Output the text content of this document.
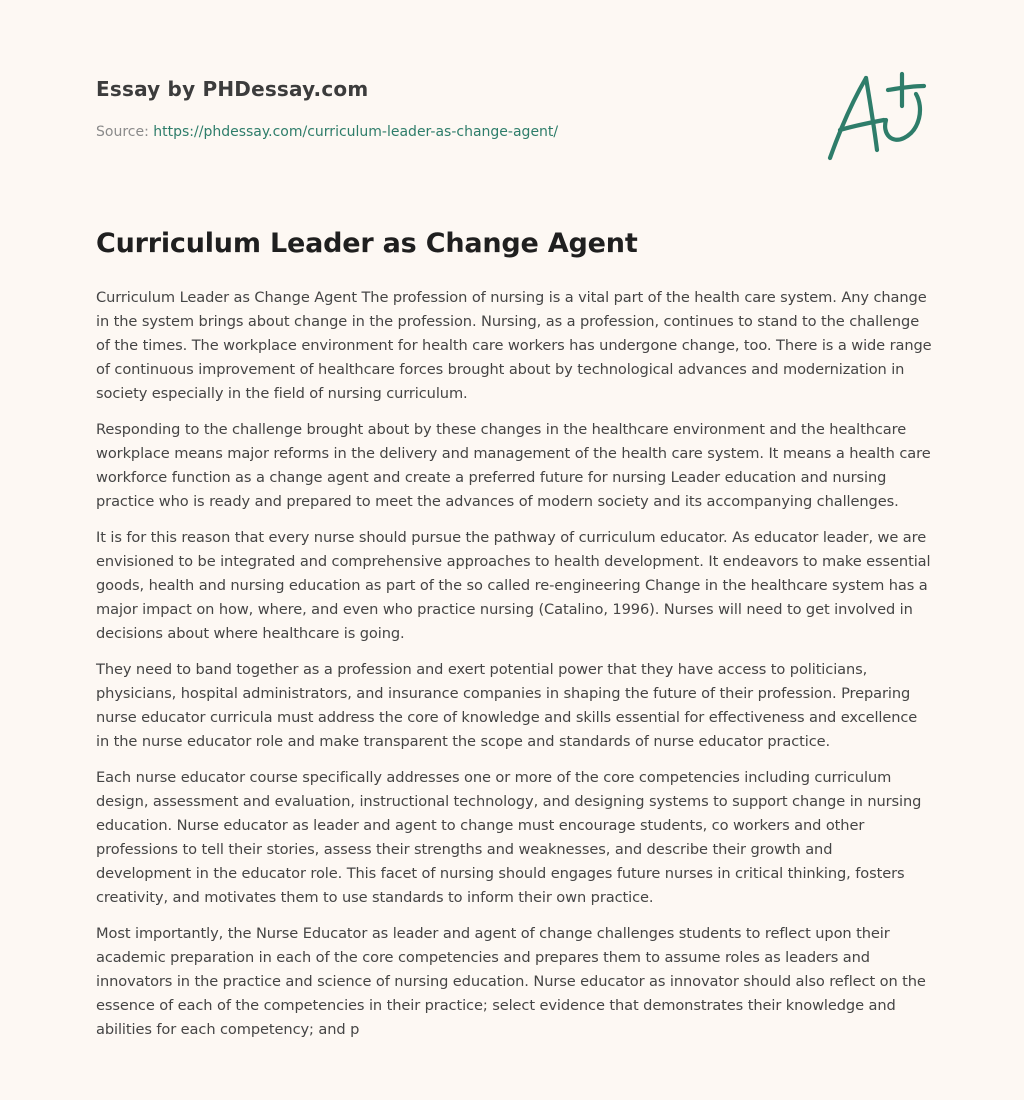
Essay by PHDessay.com
Source: https://phdessay.com/curriculum-leader-as-change-agent/
Curriculum Leader as Change Agent

Curriculum Leader as Change Agent The profession of nursing is a vital part of the health care system. Any change in the system brings about change in the profession. Nursing, as a profession, continues to stand to the challenge of the times. The workplace environment for health care workers has undergone change, too. There is a wide range of continuous improvement of healthcare forces brought about by technological advances and modernization in society especially in the field of nursing curriculum.

Responding to the challenge brought about by these changes in the healthcare environment and the healthcare workplace means major reforms in the delivery and management of the health care system. It means a health care workforce function as a change agent and create a preferred future for nursing Leader education and nursing practice who is ready and prepared to meet the advances of modern society and its accompanying challenges.

It is for this reason that every nurse should pursue the pathway of curriculum educator. As educator leader, we are envisioned to be integrated and comprehensive approaches to health development. It endeavors to make essential goods, health and nursing education as part of the so called re-engineering Change in the healthcare system has a major impact on how, where, and even who practice nursing (Catalino, 1996). Nurses will need to get involved in decisions about where healthcare is going.

They need to band together as a profession and exert potential power that they have access to politicians, physicians, hospital administrators, and insurance companies in shaping the future of their profession. Preparing nurse educator curricula must address the core of knowledge and skills essential for effectiveness and excellence in the nurse educator role and make transparent the scope and standards of nurse educator practice.

Each nurse educator course specifically addresses one or more of the core competencies including curriculum design, assessment and evaluation, instructional technology, and designing systems to support change in nursing education. Nurse educator as leader and agent to change must encourage students, co workers and other professions to tell their stories, assess their strengths and weaknesses, and describe their growth and development in the educator role. This facet of nursing should engages future nurses in critical thinking, fosters creativity, and motivates them to use standards to inform their own practice.

Most importantly, the Nurse Educator as leader and agent of change challenges students to reflect upon their academic preparation in each of the core competencies and prepares them to assume roles as leaders and innovators in the practice and science of nursing education. Nurse educator as innovator should also reflect on the essence of each of the competencies in their practice; select evidence that demonstrates their knowledge and abilities for each competency; and p
